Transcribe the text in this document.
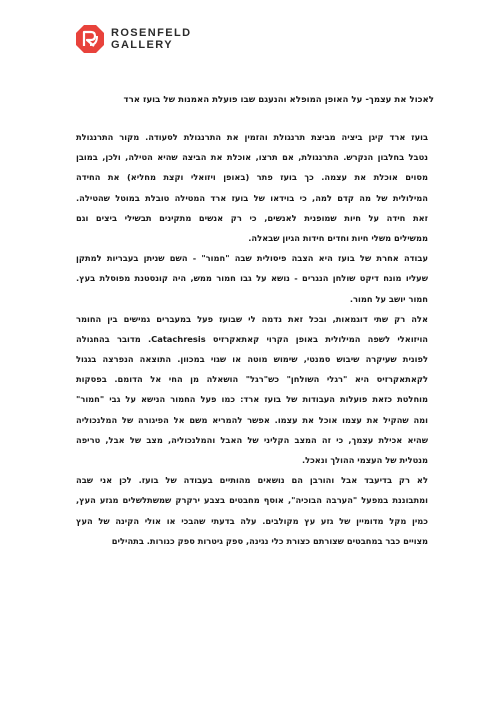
ROSENFELD
GALLERY
לאכול את עצמך- על האופן המופלא והנעגם שבו פועלת האמנות של בועז ארד
בועז ארד קיגן ביציה מביצת תרנגולת והזמין את התרנגולת לסעודה. מקור התרנגולת
נטבל בחלבון הנקרש. התרנגולת, אם תרצו, אוכלת את הביצה שהיא הטילה, ולכן, במובן
מסוים אוכלת את עצמה. כך בועז פתר (באופן ויזואלי וקצת מחליא) את החידה
המילולית של מה קדם למה, כי בוידאו של בועז ארד המטילה טובלת במוטל שהטילה.
זאת חידה על חיות שמופנית לאנשים, כי רק אנשים מתקינים תבשילי ביצים וגם
ממשילים משלי חיות וחדים חידות הגיון שבאלה.
עבודה אחרת של בועז היא הצבה פיסולית שבה "חמור" - השם שניתן בעבריות למתקן
שעליו מונח דיקט שולחן הנגרים - נושא על גבו חמור ממש, היה קונסטנת מפוסלת בעץ.
חמור יושב על חמור.
אלה רק שתי דוגמאות, ובכל זאת נדמה לי שבועז פעל במעברים גמישים בין החומר
הויזואלי לשפה המילולית באופן הקרוי קאתאקרזיס Catachresis. מדובר בהחגולה
לפונית שעיקרה שיבוש סמנטי, שימוש מוטה או שגוי במכוון. התוצאה הנפרצה בגגול
לקאתאקרזיס היא "רגלי השולחן" כש"רגל" הושאלה מן החי אל הדומם. בפסקות
מוחלטת כזאת פועלות העבודות של בועז ארד: כמו פעל החמור הנישא על גבי "חמור"
ומה שהקיל את עצמו אוכל את עצמו. אפשר להמריא משם אל הפיגורה של המלנכוליה
שהיא אכילת עצמך, כי זה המצב הקליני של האבל והמלנכוליה, מצב של אבל, טריפה
מנטלית של העצמי ההולך ונאכל.
לא רק בדיעבד אבל והורבן הם נושאים מהותיים בעבודה של בועז. לכן אני שבה
ומתבוננת במפעל "הערבה הבוכיה", אוסף מחבטים בצבע ירקרק שמשתלשלים מגזע העץ,
כמין מקל מדומיין של גזע עץ מקולבים. עלה בדעתי שהבכי או אולי הקינה של העץ
מצויים כבר במחבטים שצורתם כצורת כלי נגינה, ספק גיטרות ספק כנורות. בתהילים
